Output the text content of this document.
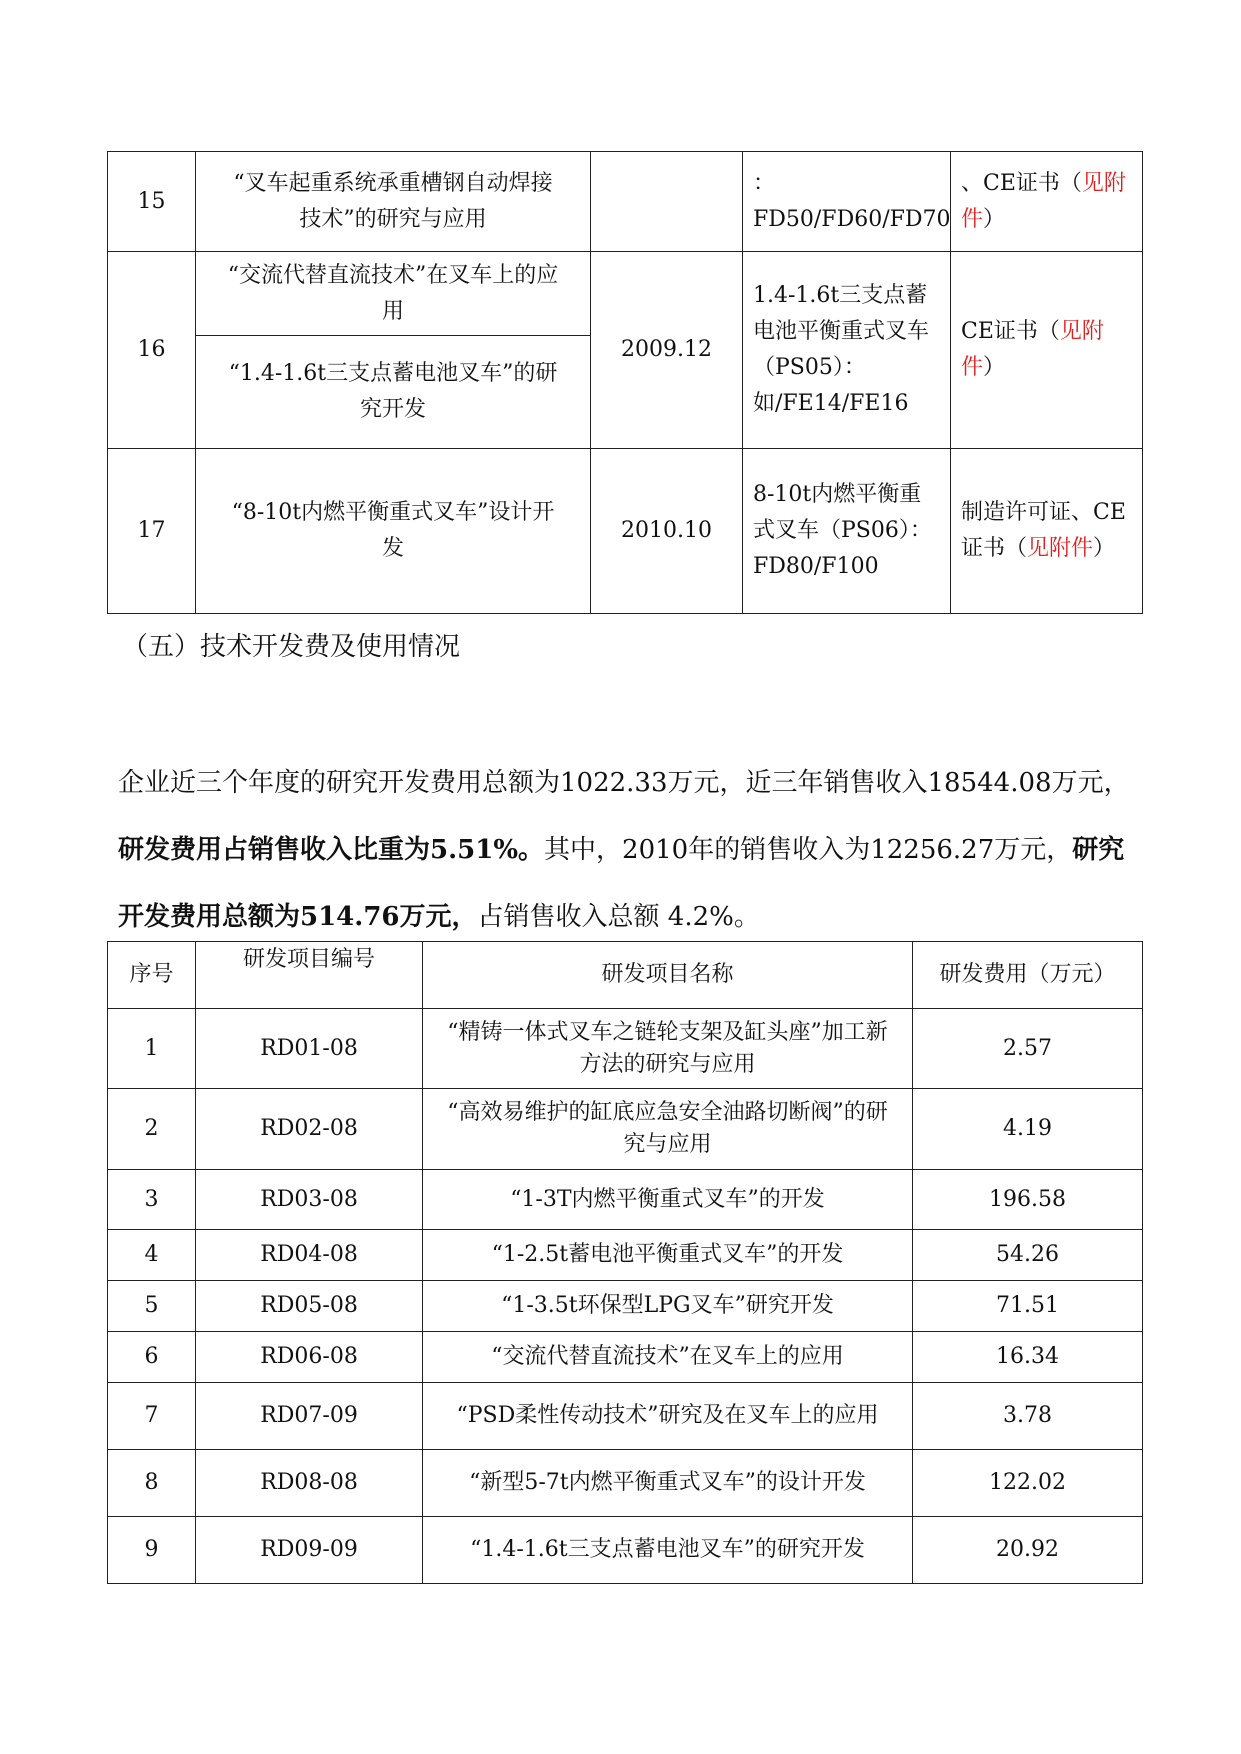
15	“叉车起重系统承重槽钢自动焊接技术”的研究与应用		：FD50/FD60/FD70	、CE证书（见附件）
16	“交流代替直流技术”在叉车上的应用	2009.12	1.4-1.6t三支点蓄电池平衡重式叉车（PS05）：如/FE14/FE16	CE证书（见附件）
	“1.4-1.6t三支点蓄电池叉车”的研究开发			
17	“8-10t内燃平衡重式叉车”设计开发	2010.10	8-10t内燃平衡重式叉车（PS06）：FD80/F100	制造许可证、CE证书（见附件）
（五）技术开发费及使用情况

企业近三个年度的研究开发费用总额为1022.33万元，近三年销售收入18544.08万元，研发费用占销售收入比重为5.51%。其中，2010年的销售收入为12256.27万元，研究开发费用总额为514.76万元，占销售收入总额 4.2%。

序号	研发项目编号	研发项目名称	研发费用（万元）
1	RD01-08	“精铸一体式叉车之链轮支架及缸头座”加工新方法的研究与应用	2.57
2	RD02-08	“高效易维护的缸底应急安全油路切断阀”的研究与应用	4.19
3	RD03-08	“1-3T内燃平衡重式叉车”的开发	196.58
4	RD04-08	“1-2.5t蓄电池平衡重式叉车”的开发	54.26
5	RD05-08	“1-3.5t环保型LPG叉车”研究开发	71.51
6	RD06-08	“交流代替直流技术”在叉车上的应用	16.34
7	RD07-09	“PSD柔性传动技术”研究及在叉车上的应用	3.78
8	RD08-08	“新型5-7t内燃平衡重式叉车”的设计开发	122.02
9	RD09-09	“1.4-1.6t三支点蓄电池叉车”的研究开发	20.92
